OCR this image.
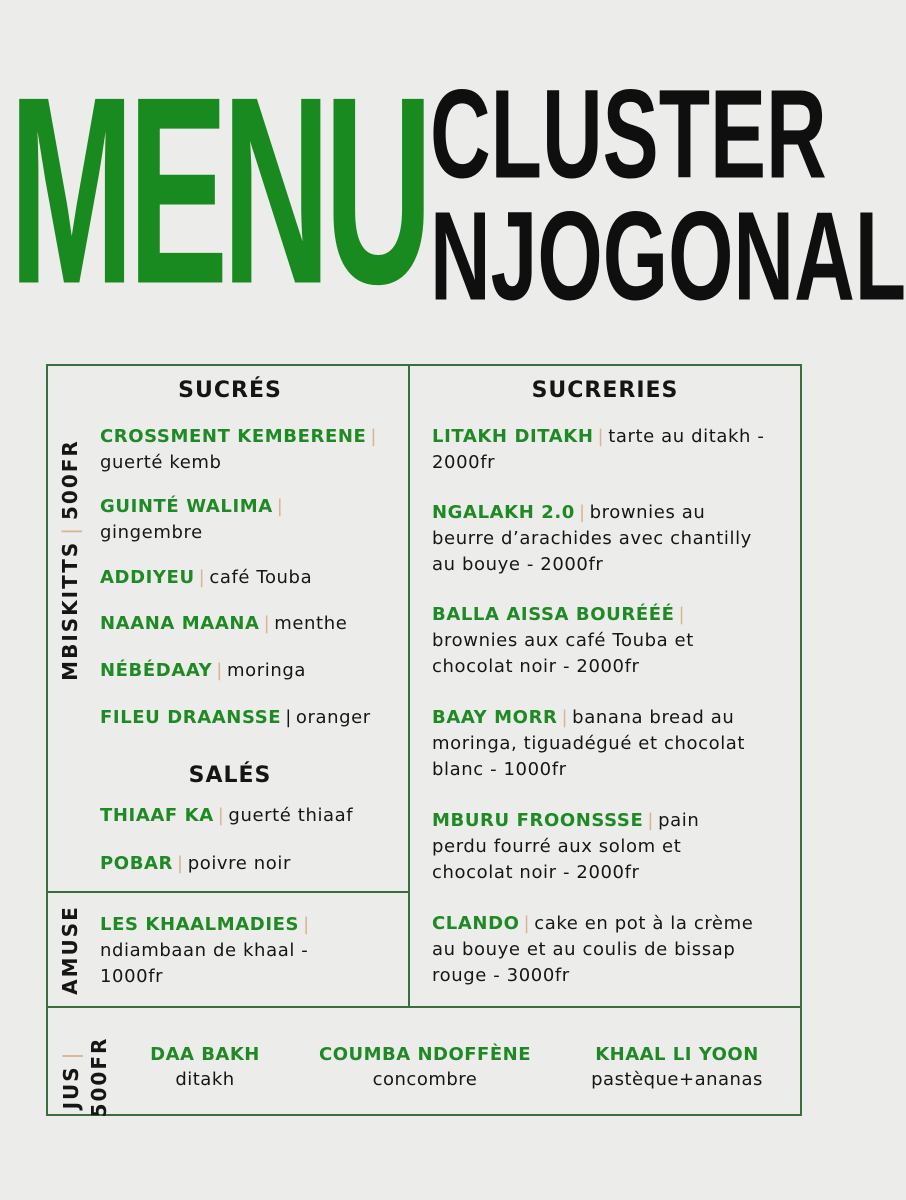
MENU C L U S T E R
N J O G O N A L
MBISKITTS
|
500FR
SUCRÉS
CROSSMENT KEMBERENE |
guerté kemb
GUINTÉ WALIMA |
gingembre
ADDIYEU | café Touba
NAANA MAANA | menthe
NÉBÉDAAY | moringa
FILEU DRAANSSE | oranger
SALÉS
THIAAF KA | guerté thiaaf
POBAR | poivre noir
AMUSE LES KHAALMADIES | ndiambaan de khaal - 1000fr
SUCRERIES
LITAKH DITAKH | tarte au ditakh - 2000fr
NGALAKH 2.0 | brownies au beurre d’arachides avec chantilly au bouye - 2000fr
BALLA AISSA BOURÉÉÉ |
brownies aux café Touba et chocolat noir - 2000fr
BAAY MORR | banana bread au moringa, tiguadégué et chocolat blanc - 1000fr
MBURU FROONSSSE | pain perdu fourré aux solom et chocolat noir - 2000fr
CLANDO | cake en pot à la crème au bouye et au coulis de bissap rouge - 3000fr
JUS| 500FR	DAA BAKH
ditakh
COUMBA NDOFFÈNE
concombre
KHAAL LI YOON
pastèque+ananas
